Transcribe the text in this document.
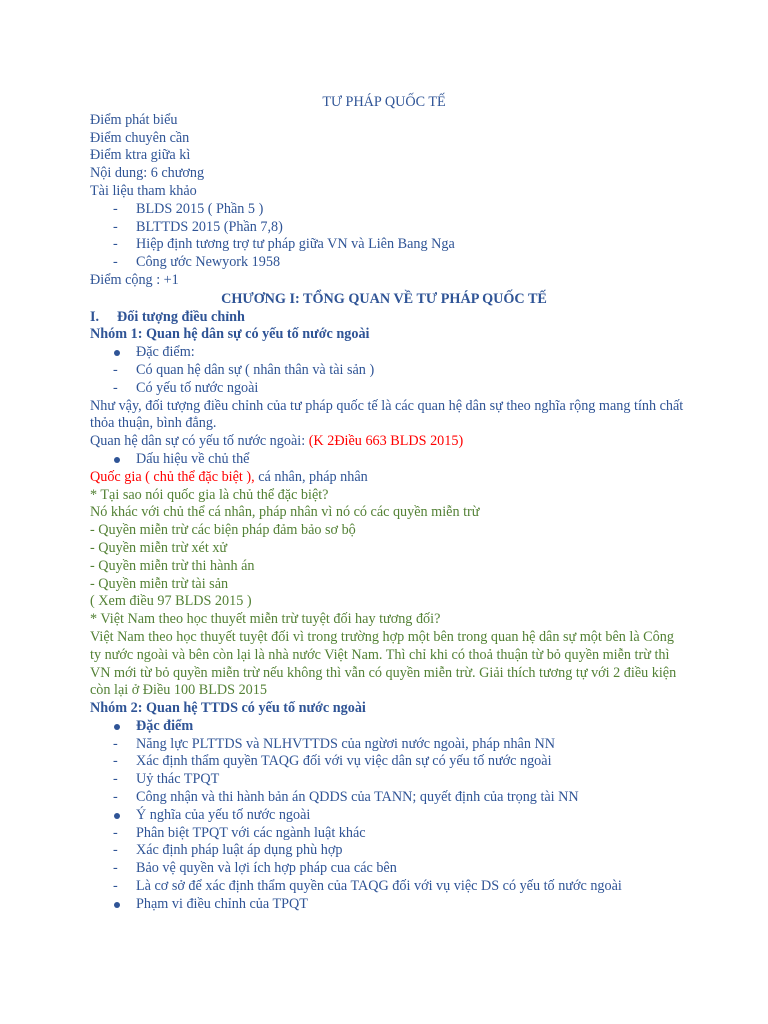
TƯ PHÁP QUỐC TẾ
Điểm phát biểu
Điểm chuyên cần
Điểm ktra giữa kì
Nội dung: 6 chương
Tài liệu tham khảo
-	BLDS 2015 ( Phần 5 )
-	BLTTDS 2015 (Phần 7,8)
-	Hiệp định tương trợ tư pháp giữa VN và Liên Bang Nga
-	Công ước Newyork 1958
Điểm cộng : +1
CHƯƠNG I: TỔNG QUAN VỀ TƯ PHÁP QUỐC TẾ
I. Đối tượng điều chỉnh
Nhóm 1: Quan hệ dân sự có yếu tố nước ngoài
Đặc điểm:
-	Có quan hệ dân sự ( nhân thân và tài sản )
-	Có yếu tố nước ngoài
Như vậy, đối tượng điều chỉnh của tư pháp quốc tế là các quan hệ dân sự theo nghĩa rộng mang tính chất thỏa thuận, bình đẳng.
Quan hệ dân sự có yếu tố nước ngoài: (K 2Điều 663 BLDS 2015)
Dấu hiệu về chủ thể
Quốc gia ( chủ thể đặc biệt ), cá nhân, pháp nhân
* Tại sao nói quốc gia là chủ thể đặc biệt?
Nó khác với chủ thể cá nhân, pháp nhân vì nó có các quyền miễn trừ
- Quyền miễn trừ các biện pháp đảm bảo sơ bộ
- Quyền miễn trừ xét xử
- Quyền miễn trừ thi hành án
- Quyền miễn trừ tài sản
( Xem điều 97 BLDS 2015 )
* Việt Nam theo học thuyết miễn trừ tuyệt đối hay tương đối?
Việt Nam theo học thuyết tuyệt đối vì trong trường hợp một bên trong quan hệ dân sự một bên là Công ty nước ngoài và bên còn lại là nhà nước Việt Nam. Thì chỉ khi có thoả thuận từ bỏ quyền miễn trừ thì VN mới từ bỏ quyền miễn trừ nếu không thì vẫn có quyền miễn trừ. Giải thích tương tự với 2 điều kiện còn lại ở Điều 100 BLDS 2015
Nhóm 2: Quan hệ TTDS có yếu tố nước ngoài
Đặc điểm
-	Năng lực PLTTDS và NLHVTTDS của ngừơi nước ngoài, pháp nhân NN
-	Xác định thẩm quyền TAQG đối với vụ việc dân sự có yếu tố nước ngoài
-	Uỷ thác TPQT
-	Công nhận và thi hành bản án QDDS của TANN; quyết định của trọng tài NN
Ý nghĩa của yếu tố nước ngoài
-	Phân biệt TPQT với các ngành luật khác
-	Xác định pháp luật áp dụng phù hợp
-	Bảo vệ quyền và lợi ích hợp pháp cua các bên
-	Là cơ sở để xác định thẩm quyền của TAQG đối với vụ việc DS có yếu tố nước ngoài
Phạm vi điều chỉnh của TPQT
